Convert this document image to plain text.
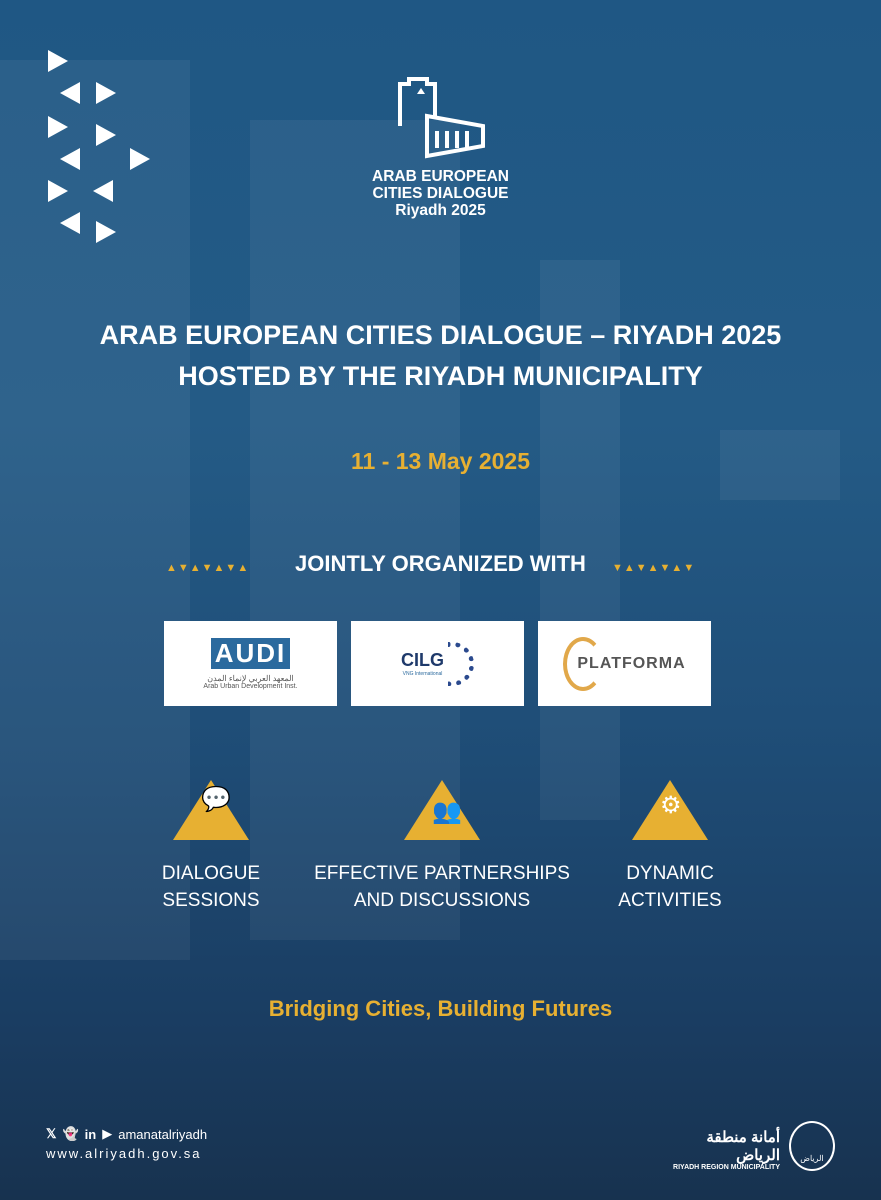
ARAB EUROPEAN
CITIES DIALOGUE
Riyadh 2025
ARAB EUROPEAN CITIES DIALOGUE – RIYADH 2025
HOSTED BY THE RIYADH MUNICIPALITY
11 - 13 May 2025
▲▼▲▼▲▼▲	JOINTLY ORGANIZED WITH	▼▲▼▲▼▲▼
AUDI
المعهد العربي لإنماء المدن
Arab Urban Development Inst.
CILG
VNG International
PLATFORMA
💬
DIALOGUE
SESSIONS
👥
EFFECTIVE PARTNERSHIPS
AND DISCUSSIONS
⚙
DYNAMIC
ACTIVITIES
Bridging Cities, Building Futures
𝕏 👻 in ▶ amanatalriyadh
www.alriyadh.gov.sa
أمانة منطقة الرياض
RIYADH REGION MUNICIPALITY
الرياض
